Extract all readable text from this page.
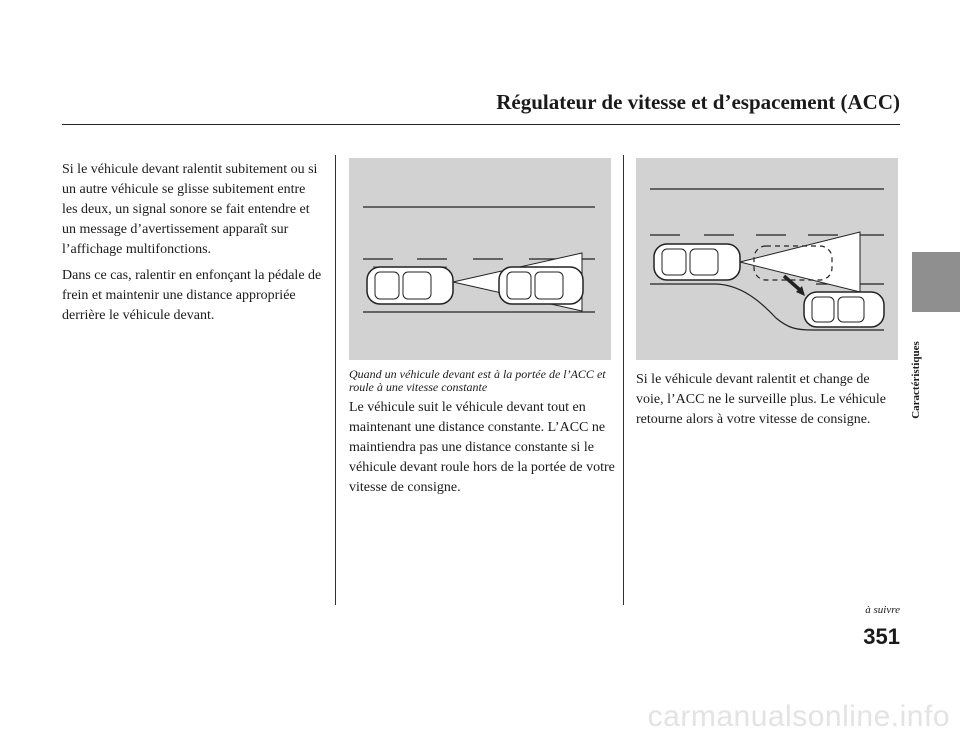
Régulateur de vitesse et d’espacement (ACC)

Si le véhicule devant ralentit subitement ou si un autre véhicule se glisse subitement entre les deux, un signal sonore se fait entendre et un message d’avertissement apparaît sur l’affichage multifonctions.

Dans ce cas, ralentir en enfonçant la pédale de frein et maintenir une distance appropriée derrière le véhicule devant.

Quand un véhicule devant est à la portée de l’ACC et roule à une vitesse constante

Le véhicule suit le véhicule devant tout en maintenant une distance constante. L’ACC ne maintiendra pas une distance constante si le véhicule devant roule hors de la portée de votre vitesse de consigne.

Si le véhicule devant ralentit et change de voie, l’ACC ne le surveille plus. Le véhicule retourne alors à votre vitesse de consigne.

Caractéristiques
à suivre
351
carmanualsonline.info
